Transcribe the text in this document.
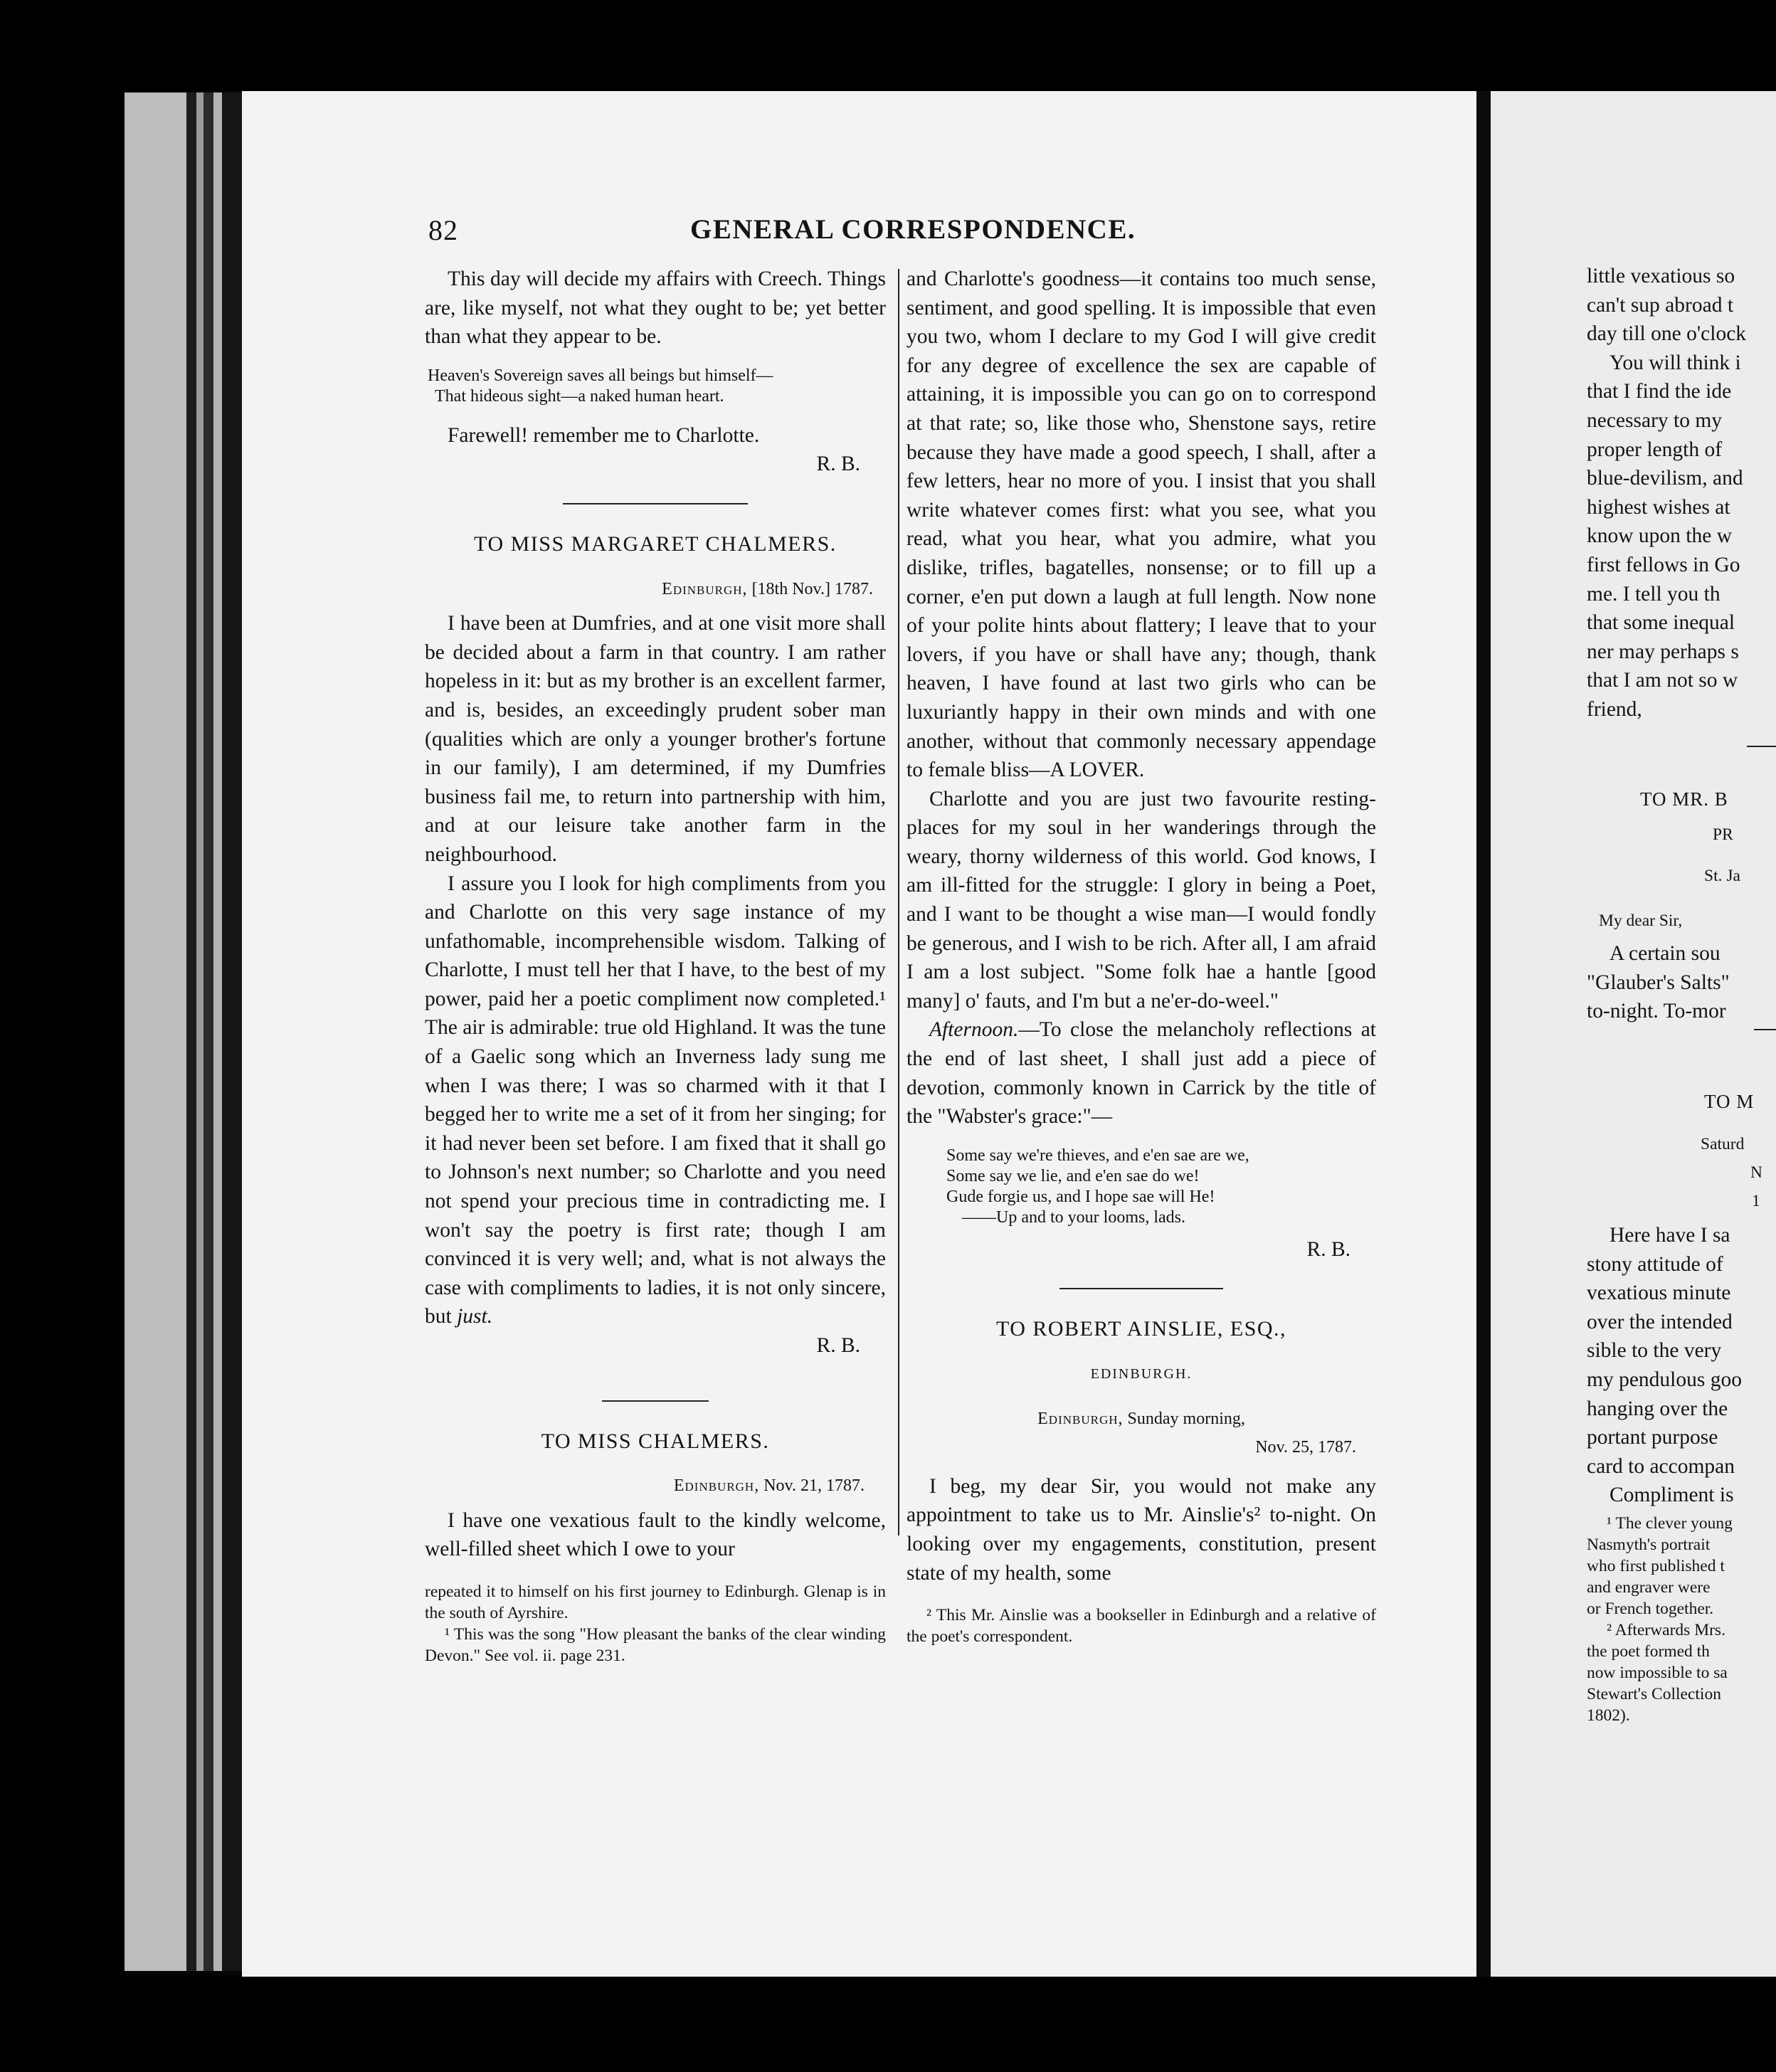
82	GENERAL CORRESPONDENCE.

This day will decide my affairs with Creech. Things are, like myself, not what they ought to be; yet better than what they appear to be.

Heaven's Sovereign saves all beings but himself—
That hideous sight—a naked human heart.

Farewell! remember me to Charlotte.

R. B.

TO MISS MARGARET CHALMERS.
Edinburgh, [18th Nov.] 1787.

I have been at Dumfries, and at one visit more shall be decided about a farm in that country. I am rather hopeless in it: but as my brother is an excellent farmer, and is, besides, an exceedingly prudent sober man (qualities which are only a younger brother's fortune in our family), I am determined, if my Dumfries business fail me, to return into partnership with him, and at our leisure take another farm in the neighbourhood.

I assure you I look for high compliments from you and Charlotte on this very sage instance of my unfathomable, incomprehensible wisdom. Talking of Charlotte, I must tell her that I have, to the best of my power, paid her a poetic compliment now completed.¹ The air is admirable: true old Highland. It was the tune of a Gaelic song which an Inverness lady sung me when I was there; I was so charmed with it that I begged her to write me a set of it from her singing; for it had never been set before. I am fixed that it shall go to Johnson's next number; so Charlotte and you need not spend your precious time in contradicting me. I won't say the poetry is first rate; though I am convinced it is very well; and, what is not always the case with compliments to ladies, it is not only sincere, but just.

R. B.

TO MISS CHALMERS.
Edinburgh, Nov. 21, 1787.

I have one vexatious fault to the kindly welcome, well-filled sheet which I owe to your

repeated it to himself on his first journey to Edinburgh. Glenap is in the south of Ayrshire.

¹ This was the song "How pleasant the banks of the clear winding Devon." See vol. ii. page 231.

and Charlotte's goodness—it contains too much sense, sentiment, and good spelling. It is impossible that even you two, whom I declare to my God I will give credit for any degree of excellence the sex are capable of attaining, it is impossible you can go on to correspond at that rate; so, like those who, Shenstone says, retire because they have made a good speech, I shall, after a few letters, hear no more of you. I insist that you shall write whatever comes first: what you see, what you read, what you hear, what you admire, what you dislike, trifles, bagatelles, nonsense; or to fill up a corner, e'en put down a laugh at full length. Now none of your polite hints about flattery; I leave that to your lovers, if you have or shall have any; though, thank heaven, I have found at last two girls who can be luxuriantly happy in their own minds and with one another, without that commonly necessary appendage to female bliss—A LOVER.

Charlotte and you are just two favourite resting-places for my soul in her wanderings through the weary, thorny wilderness of this world. God knows, I am ill-fitted for the struggle: I glory in being a Poet, and I want to be thought a wise man—I would fondly be generous, and I wish to be rich. After all, I am afraid I am a lost subject. "Some folk hae a hantle [good many] o' fauts, and I'm but a ne'er-do-weel."

Afternoon.—To close the melancholy reflections at the end of last sheet, I shall just add a piece of devotion, commonly known in Carrick by the title of the "Wabster's grace:"—

Some say we're thieves, and e'en sae are we,
Some say we lie, and e'en sae do we!
Gude forgie us, and I hope sae will He!
——Up and to your looms, lads.

R. B.

TO ROBERT AINSLIE, ESQ.,
EDINBURGH.
Edinburgh, Sunday morning,
Nov. 25, 1787.

I beg, my dear Sir, you would not make any appointment to take us to Mr. Ainslie's² to-night. On looking over my engagements, constitution, present state of my health, some

² This Mr. Ainslie was a bookseller in Edinburgh and a relative of the poet's correspondent.

little vexatious so
can't sup abroad t
day till one o'clock
You will think i
that I find the ide
necessary to my
proper length of
blue-devilism, and
highest wishes at
know upon the w
first fellows in Go
me. I tell you th
that some inequal
ner may perhaps s
that I am not so w
friend,
TO MR. B
PR
St. Ja
My dear Sir,
A certain sou
"Glauber's Salts"
to-night. To-mor
TO M
Saturd
N
1
Here have I sa
stony attitude of
vexatious minute
over the intended
sible to the very
my pendulous goo
hanging over the
portant purpose
card to accompan
Compliment is
¹ The clever young
Nasmyth's portrait
who first published t
and engraver were
or French together.
² Afterwards Mrs.
the poet formed th
now impossible to sa
Stewart's Collection
1802).
